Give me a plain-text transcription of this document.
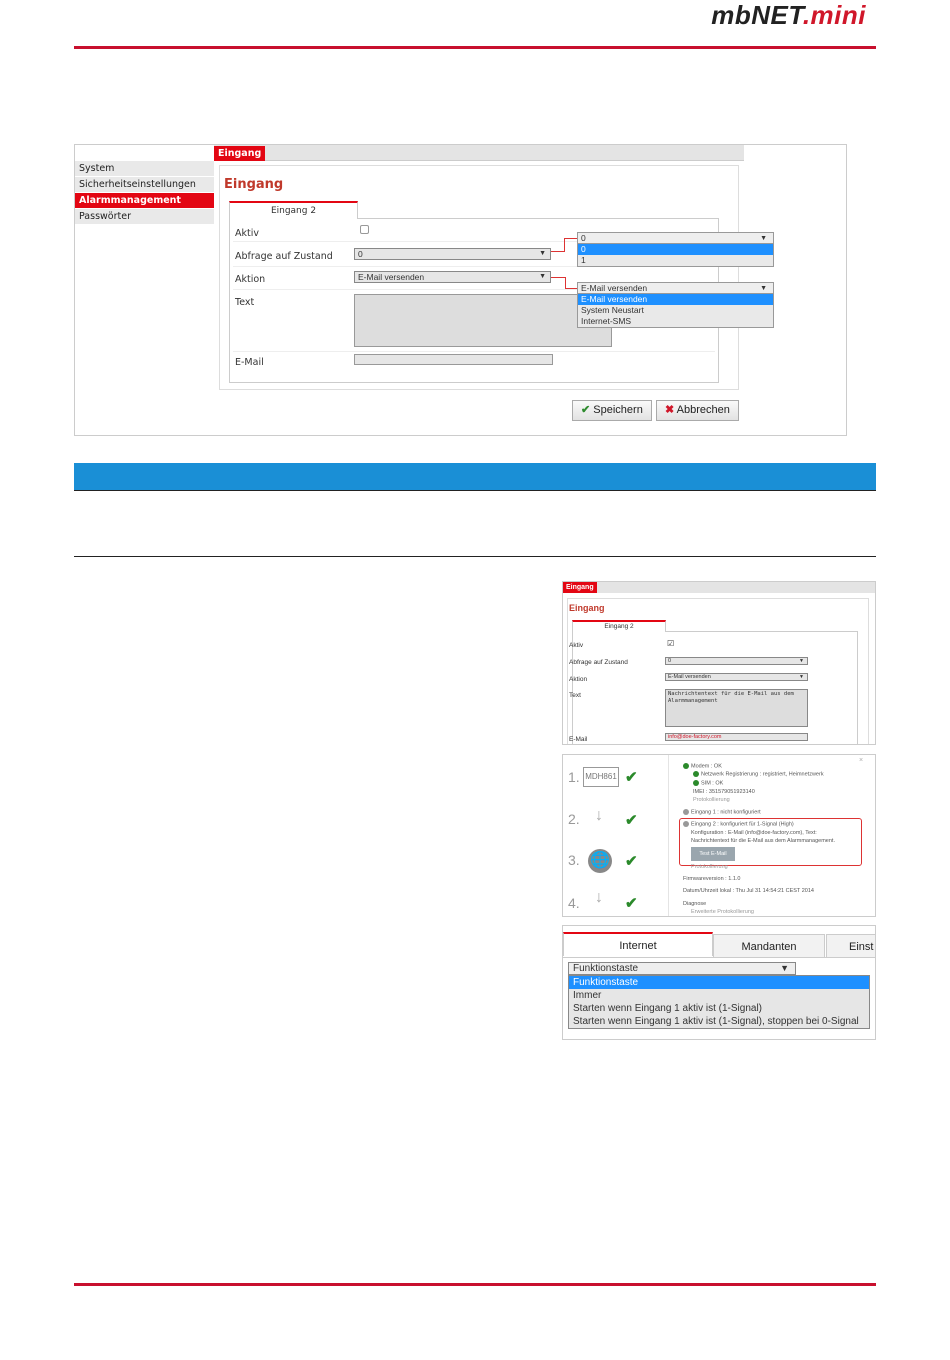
mbNET.mini
Eingang
System
Sicherheitseinstellungen
Alarmmanagement
Passwörter
Eingang
Eingang 2
Aktiv
Abfrage auf Zustand	0	▼
Aktion	E-Mail versenden	▼
Text
E-Mail
0	▼
0
1
E-Mail versenden	▼
E-Mail versenden
System Neustart
Internet-SMS
✔ Speichern	✖ Abbrechen
Eingang
Eingang
Eingang 2
Aktiv	☑
Abfrage auf Zustand	0	▼
Aktion	E-Mail versenden	▼
Text	Nachrichtentext für die E-Mail aus dem Alarmmanagement
E-Mail	info@doe-factory.com
1. MDH861 ✔
2. ↓ ✔
3. 🌐 ✔
4. ↓ ✔
×
Modem : OK
Netzwerk Registrierung : registriert, Heimnetzwerk
SIM : OK
IMEI : 351579051923140
Protokollierung
Eingang 1 : nicht konfiguriert
Eingang 2 : konfiguriert für 1-Signal (High)
Konfiguration : E-Mail (info@doe-factory.com), Text:
Nachrichtentext für die E-Mail aus dem Alarmmanagement.
Test E-Mail
Protokollierung
Firmwareversion : 1.1.0
Datum/Uhrzeit lokal : Thu Jul 31 14:54:21 CEST 2014
Diagnose
Erweiterte Protokollierung
Internet	Mandanten	Einst
Funktionstaste	▼
Funktionstaste
Immer
Starten wenn Eingang 1 aktiv ist (1-Signal)
Starten wenn Eingang 1 aktiv ist (1-Signal), stoppen bei 0-Signal
